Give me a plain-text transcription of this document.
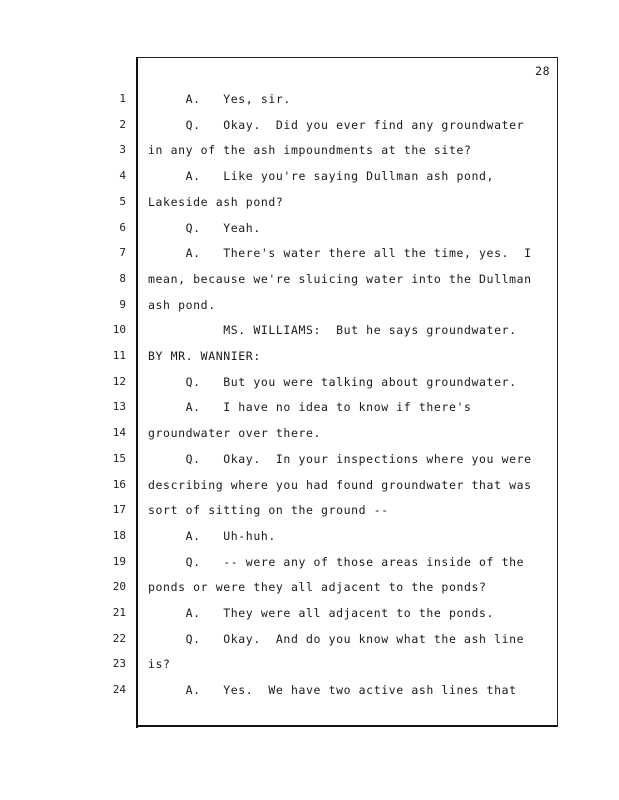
28
1 A.   Yes, sir.
2 Q.   Okay.  Did you ever find any groundwater
3 in any of the ash impoundments at the site?
4 A.   Like you're saying Dullman ash pond,
5 Lakeside ash pond?
6 Q.   Yeah.
7 A.   There's water there all the time, yes.  I
8 mean, because we're sluicing water into the Dullman
9 ash pond.
10 MS. WILLIAMS:  But he says groundwater.
11 BY MR. WANNIER:
12 Q.   But you were talking about groundwater.
13 A.   I have no idea to know if there's
14 groundwater over there.
15 Q.   Okay.  In your inspections where you were
16 describing where you had found groundwater that was
17 sort of sitting on the ground --
18 A.   Uh-huh.
19 Q.   -- were any of those areas inside of the
20 ponds or were they all adjacent to the ponds?
21 A.   They were all adjacent to the ponds.
22 Q.   Okay.  And do you know what the ash line
23 is?
24 A.   Yes.  We have two active ash lines that
